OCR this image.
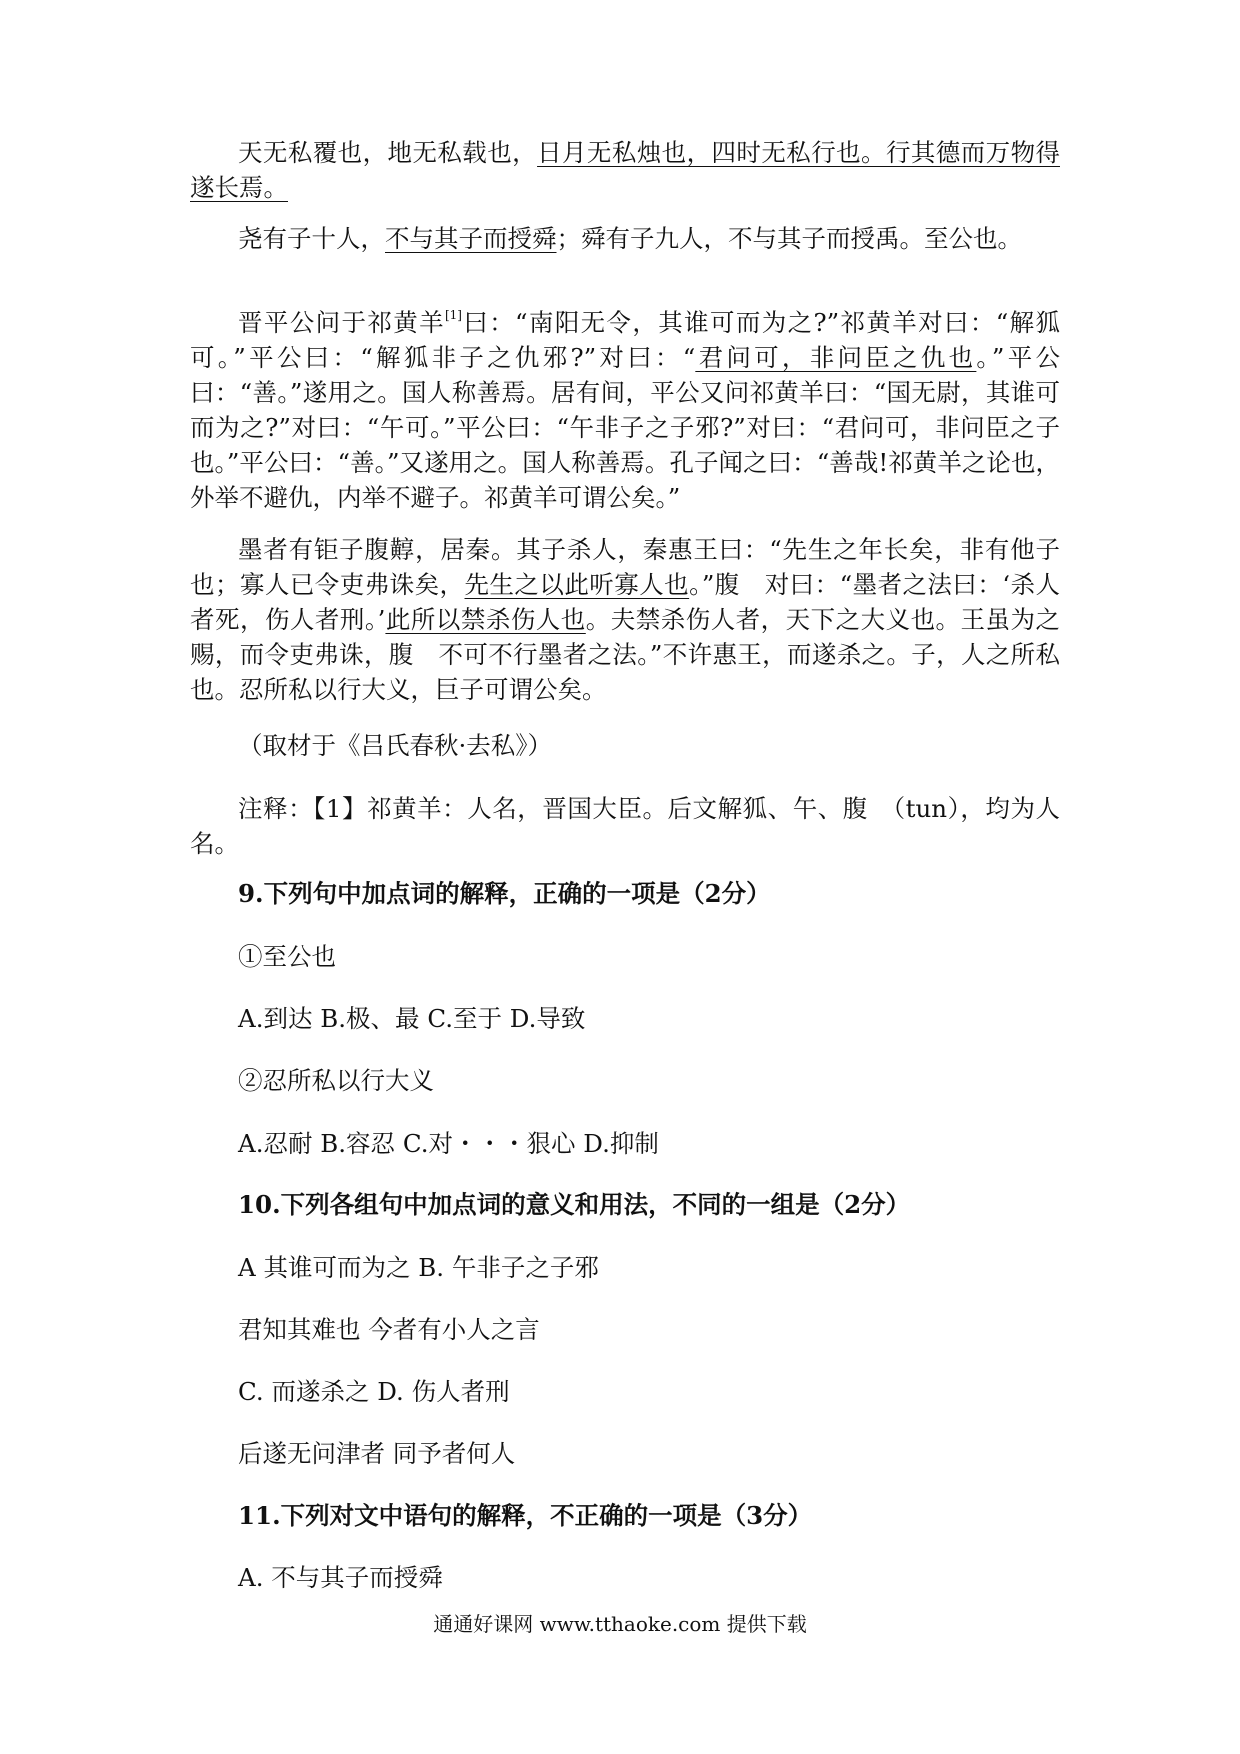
天无私覆也，地无私载也，日月无私烛也，四时无私行也。行其德而万物得遂长焉。
尧有子十人，不与其子而授舜；舜有子九人，不与其子而授禹。至公也。
晋平公问于祁黄羊[1]曰：“南阳无令，其谁可而为之?”祁黄羊对曰：“解狐可。”平公曰：“解狐非子之仇邪?”对曰：“君问可，非问臣之仇也。”平公曰：“善。”遂用之。国人称善焉。居有间，平公又问祁黄羊曰：“国无尉，其谁可而为之?”对曰：“午可。”平公曰：“午非子之子邪?”对曰：“君问可，非问臣之子也。”平公曰：“善。”又遂用之。国人称善焉。孔子闻之曰：“善哉!祁黄羊之论也，外举不避仇，内举不避子。祁黄羊可谓公矣。”
墨者有钜子腹䵍，居秦。其子杀人，秦惠王曰：“先生之年长矣，非有他子也；寡人已令吏弗诛矣，先生之以此听寡人也。”腹　对曰：“墨者之法曰：‘杀人者死，伤人者刑。’此所以禁杀伤人也。夫禁杀伤人者，天下之大义也。王虽为之赐，而令吏弗诛，腹　不可不行墨者之法。”不许惠王，而遂杀之。子，人之所私也。忍所私以行大义，巨子可谓公矣。
（取材于《吕氏春秋·去私》）
注释：【1】祁黄羊：人名，晋国大臣。后文解狐、午、腹　（tun），均为人名。
9.下列句中加点词的解释，正确的一项是（2分）
①至公也
A.到达 B.极、最 C.至于 D.导致
②忍所私以行大义
A.忍耐 B.容忍 C.对・・・狠心 D.抑制
10.下列各组句中加点词的意义和用法，不同的一组是（2分）
A 其谁可而为之 B. 午非子之子邪
君知其难也 今者有小人之言
C. 而遂杀之 D. 伤人者刑
后遂无问津者 同予者何人
11.下列对文中语句的解释，不正确的一项是（3分）
A. 不与其子而授舜
通通好课网 www.tthaoke.com 提供下载
